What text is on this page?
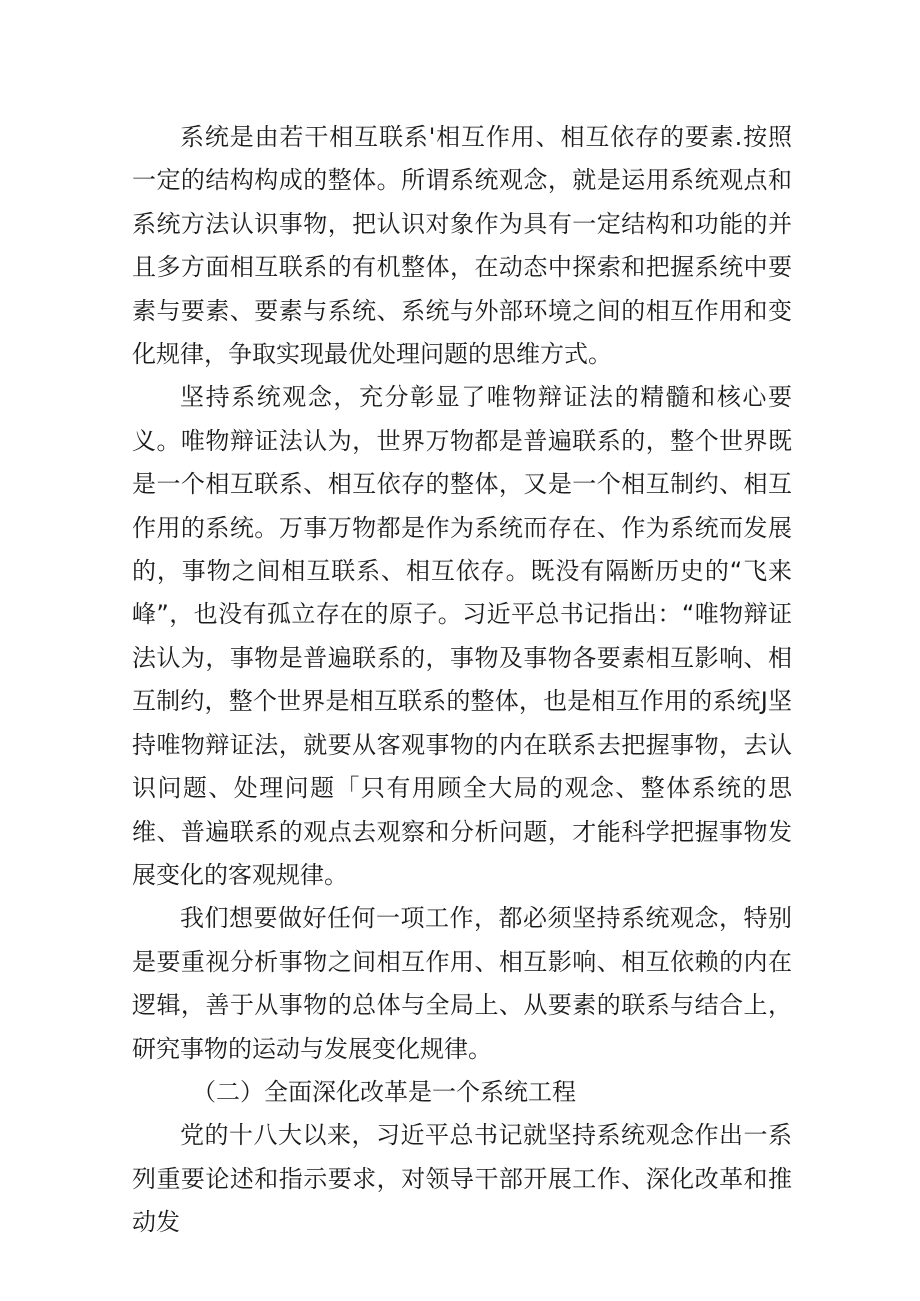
系统是由若干相互联系'相互作用、相互依存的要素.按照一定的结构构成的整体。所谓系统观念，就是运用系统观点和系统方法认识事物，把认识对象作为具有一定结构和功能的并且多方面相互联系的有机整体，在动态中探索和把握系统中要素与要素、要素与系统、系统与外部环境之间的相互作用和变化规律，争取实现最优处理问题的思维方式。

坚持系统观念，充分彰显了唯物辩证法的精髓和核心要义。唯物辩证法认为，世界万物都是普遍联系的，整个世界既是一个相互联系、相互依存的整体，又是一个相互制约、相互作用的系统。万事万物都是作为系统而存在、作为系统而发展的，事物之间相互联系、相互依存。既没有隔断历史的“飞来峰”，也没有孤立存在的原子。习近平总书记指出：“唯物辩证法认为，事物是普遍联系的，事物及事物各要素相互影响、相互制约，整个世界是相互联系的整体，也是相互作用的系统J坚持唯物辩证法，就要从客观事物的内在联系去把握事物，去认识问题、处理问题「只有用顾全大局的观念、整体系统的思维、普遍联系的观点去观察和分析问题，才能科学把握事物发展变化的客观规律。

我们想要做好任何一项工作，都必须坚持系统观念，特别是要重视分析事物之间相互作用、相互影响、相互依赖的内在逻辑，善于从事物的总体与全局上、从要素的联系与结合上，研究事物的运动与发展变化规律。

（二）全面深化改革是一个系统工程

党的十八大以来，习近平总书记就坚持系统观念作出一系列重要论述和指示要求，对领导干部开展工作、深化改革和推动发
